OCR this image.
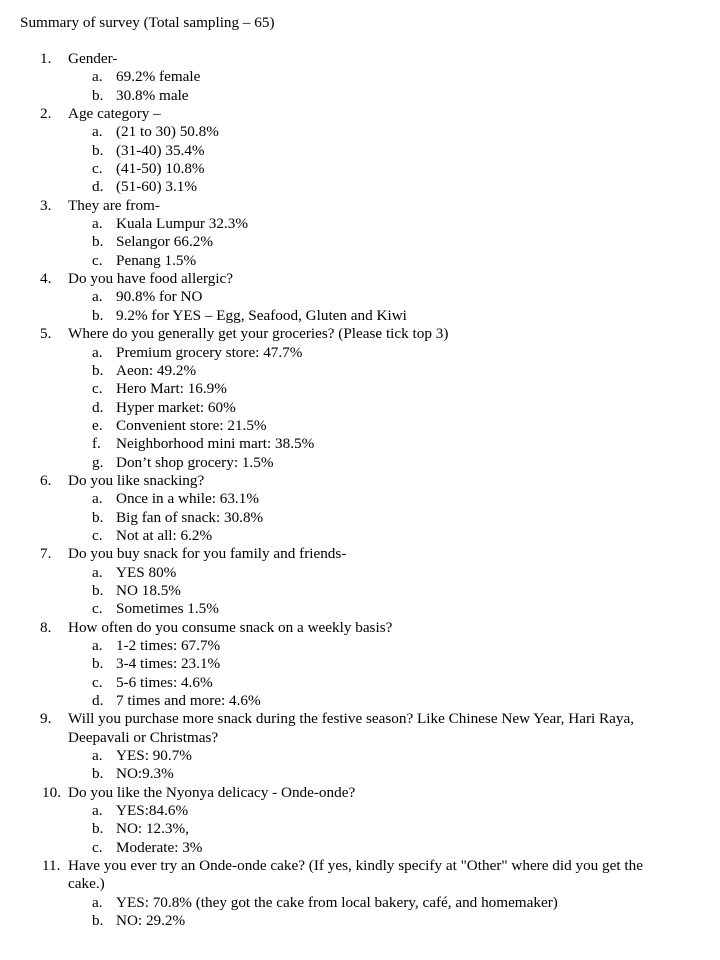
Summary of survey (Total sampling – 65)
1.	Gender-
a. 69.2% female
b. 30.8% male
2.	Age category –
a. (21 to 30) 50.8%
b. (31-40) 35.4%
c. (41-50) 10.8%
d. (51-60) 3.1%
3.	They are from-
a. Kuala Lumpur 32.3%
b. Selangor 66.2%
c. Penang 1.5%
4.	Do you have food allergic?
a. 90.8% for NO
b. 9.2% for YES – Egg, Seafood, Gluten and Kiwi
5.	Where do you generally get your groceries? (Please tick top 3)
a. Premium grocery store: 47.7%
b. Aeon: 49.2%
c. Hero Mart: 16.9%
d. Hyper market: 60%
e. Convenient store: 21.5%
f. Neighborhood mini mart: 38.5%
g. Don’t shop grocery: 1.5%
6.	Do you like snacking?
a. Once in a while: 63.1%
b. Big fan of snack: 30.8%
c. Not at all: 6.2%
7.	Do you buy snack for you family and friends-
a. YES 80%
b. NO 18.5%
c. Sometimes 1.5%
8.	How often do you consume snack on a weekly basis?
a. 1-2 times: 67.7%
b. 3-4 times: 23.1%
c. 5-6 times: 4.6%
d. 7 times and more: 4.6%
9.	Will you purchase more snack during the festive season? Like Chinese New Year, Hari Raya, Deepavali or Christmas?
a. YES: 90.7%
b. NO:9.3%
10. Do you like the Nyonya delicacy - Onde-onde?
a. YES:84.6%
b. NO: 12.3%,
c. Moderate: 3%
11. Have you ever try an Onde-onde cake? (If yes, kindly specify at "Other" where did you get the cake.)
a. YES: 70.8% (they got the cake from local bakery, café, and homemaker)
b. NO: 29.2%
